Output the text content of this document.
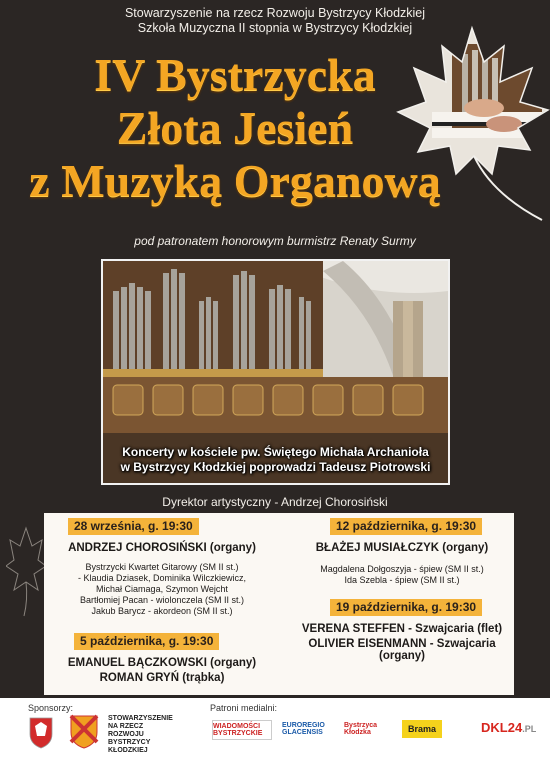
Stowarzyszenie na rzecz Rozwoju Bystrzycy Kłodzkiej
Szkoła Muzyczna II stopnia w Bystrzycy Kłodzkiej
IV Bystrzycka
Złota Jesień
z Muzyką Organową
pod patronatem honorowym burmistrz Renaty Surmy
Koncerty w kościele pw. Świętego Michała Archanioła
w Bystrzycy Kłodzkiej poprowadzi Tadeusz Piotrowski
Dyrektor artystyczny - Andrzej Chorosiński
28 września, g. 19:30
ANDRZEJ CHOROSIŃSKI (organy)
Bystrzycki Kwartet Gitarowy (SM II st.)
- Klaudia Dziasek, Dominika Wilczkiewicz,
Michał Ciamaga, Szymon Wejcht
Bartłomiej Pacan - wiolonczela (SM II st.)
Jakub Barycz - akordeon (SM II st.)
5 października, g. 19:30
EMANUEL BĄCZKOWSKI (organy)
ROMAN GRYŃ (trąbka)
12 października, g. 19:30
BŁAŻEJ MUSIAŁCZYK (organy)
Magdalena Dołgoszyja - śpiew (SM II st.)
Ida Szebla - śpiew (SM II st.)
19 października, g. 19:30
VERENA STEFFEN - Szwajcaria (flet)
OLIVIER EISENMANN - Szwajcaria (organy)
Sponsorzy:
STOWARZYSZENIE
NA RZECZ
ROZWOJU
BYSTRZYCY
KŁODZKIEJ
Patroni medialni:
WIADOMOŚCI BYSTRZYCKIE
EUROREGIO GLACENSIS
Bystrzyca Kłodzka	Brama	DKL24.PL
